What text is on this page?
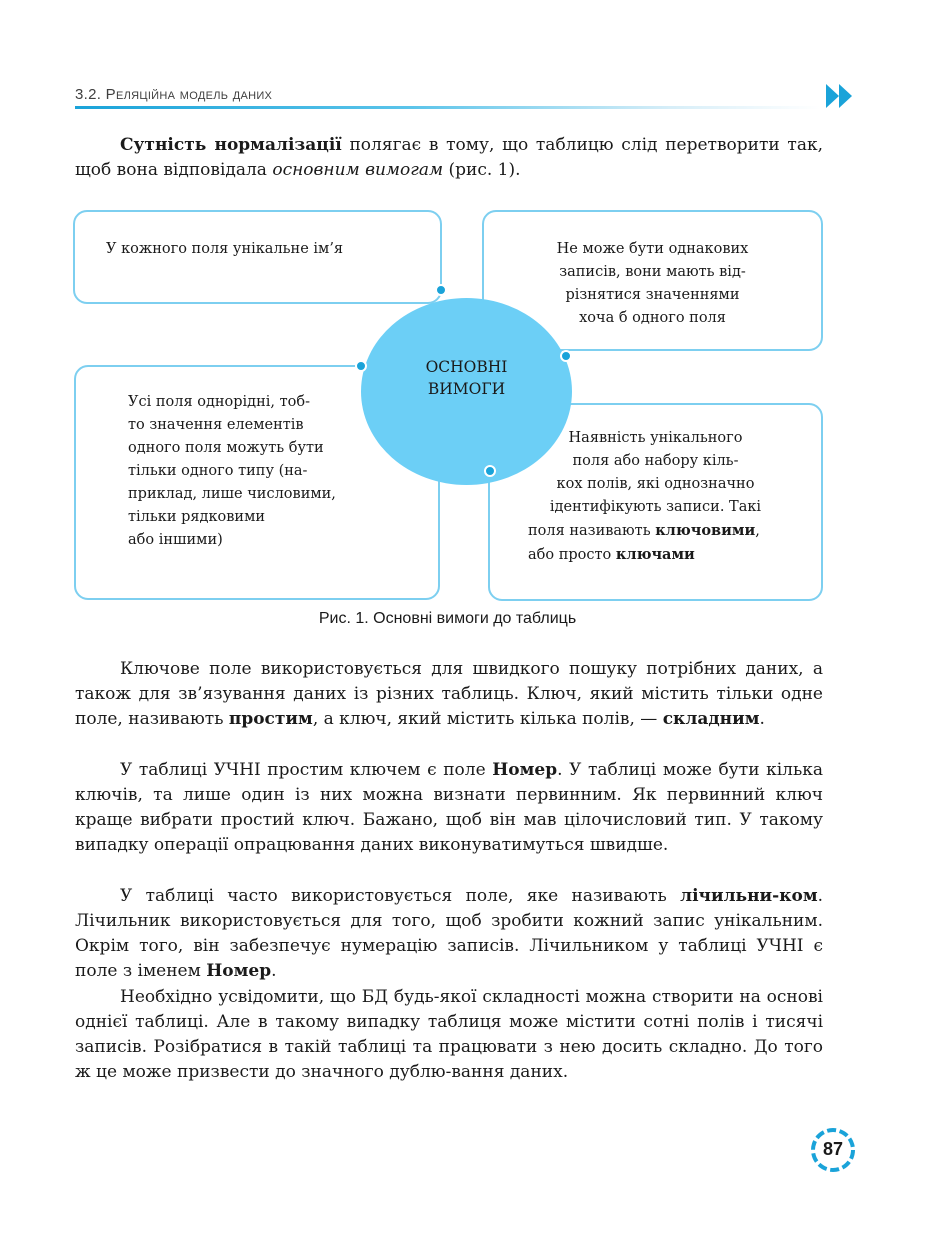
3.2. Реляційна модель даних

Сутність нормалізації полягає в тому, що таблицю слід перетворити так, щоб вона відповідала основним вимогам (рис. 1).

У кожного поля унікальне ім’я	Не може бути однакових
записів, вони мають від-
різнятися значеннями
хоча б одного поля
Усі поля однорідні, тоб-
то значення елементів
одного поля можуть бути
тільки одного типу (на-
приклад, лише числовими,
тільки рядковими
або іншими)
Наявність унікального
поля або набору кіль-
кох полів, які однозначно
ідентифікують записи. Такі
поля називають ключовими,
або просто ключами
ОСНОВНІ
ВИМОГИ
Рис. 1. Основні вимоги до таблиць

Ключове поле використовується для швидкого пошуку потрібних даних, а також для зв’язування даних із різних таблиць. Ключ, який містить тільки одне поле, називають простим, а ключ, який містить кілька полів, — складним.

У таблиці УЧНІ простим ключем є поле Номер. У таблиці може бути кілька ключів, та лише один із них можна визнати первинним. Як первинний ключ краще вибрати простий ключ. Бажано, щоб він мав цілочисловий тип. У такому випадку операції опрацювання даних виконуватимуться швидше.

У таблиці часто використовується поле, яке називають лічильни-ком. Лічильник використовується для того, щоб зробити кожний запис унікальним. Окрім того, він забезпечує нумерацію записів. Лічильником у таблиці УЧНІ є поле з іменем Номер.

Необхідно усвідомити, що БД будь-якої складності можна створити на основі однієї таблиці. Але в такому випадку таблиця може містити сотні полів і тисячі записів. Розібратися в такій таблиці та працювати з нею досить складно. До того ж це може призвести до значного дублю-вання даних.

87
